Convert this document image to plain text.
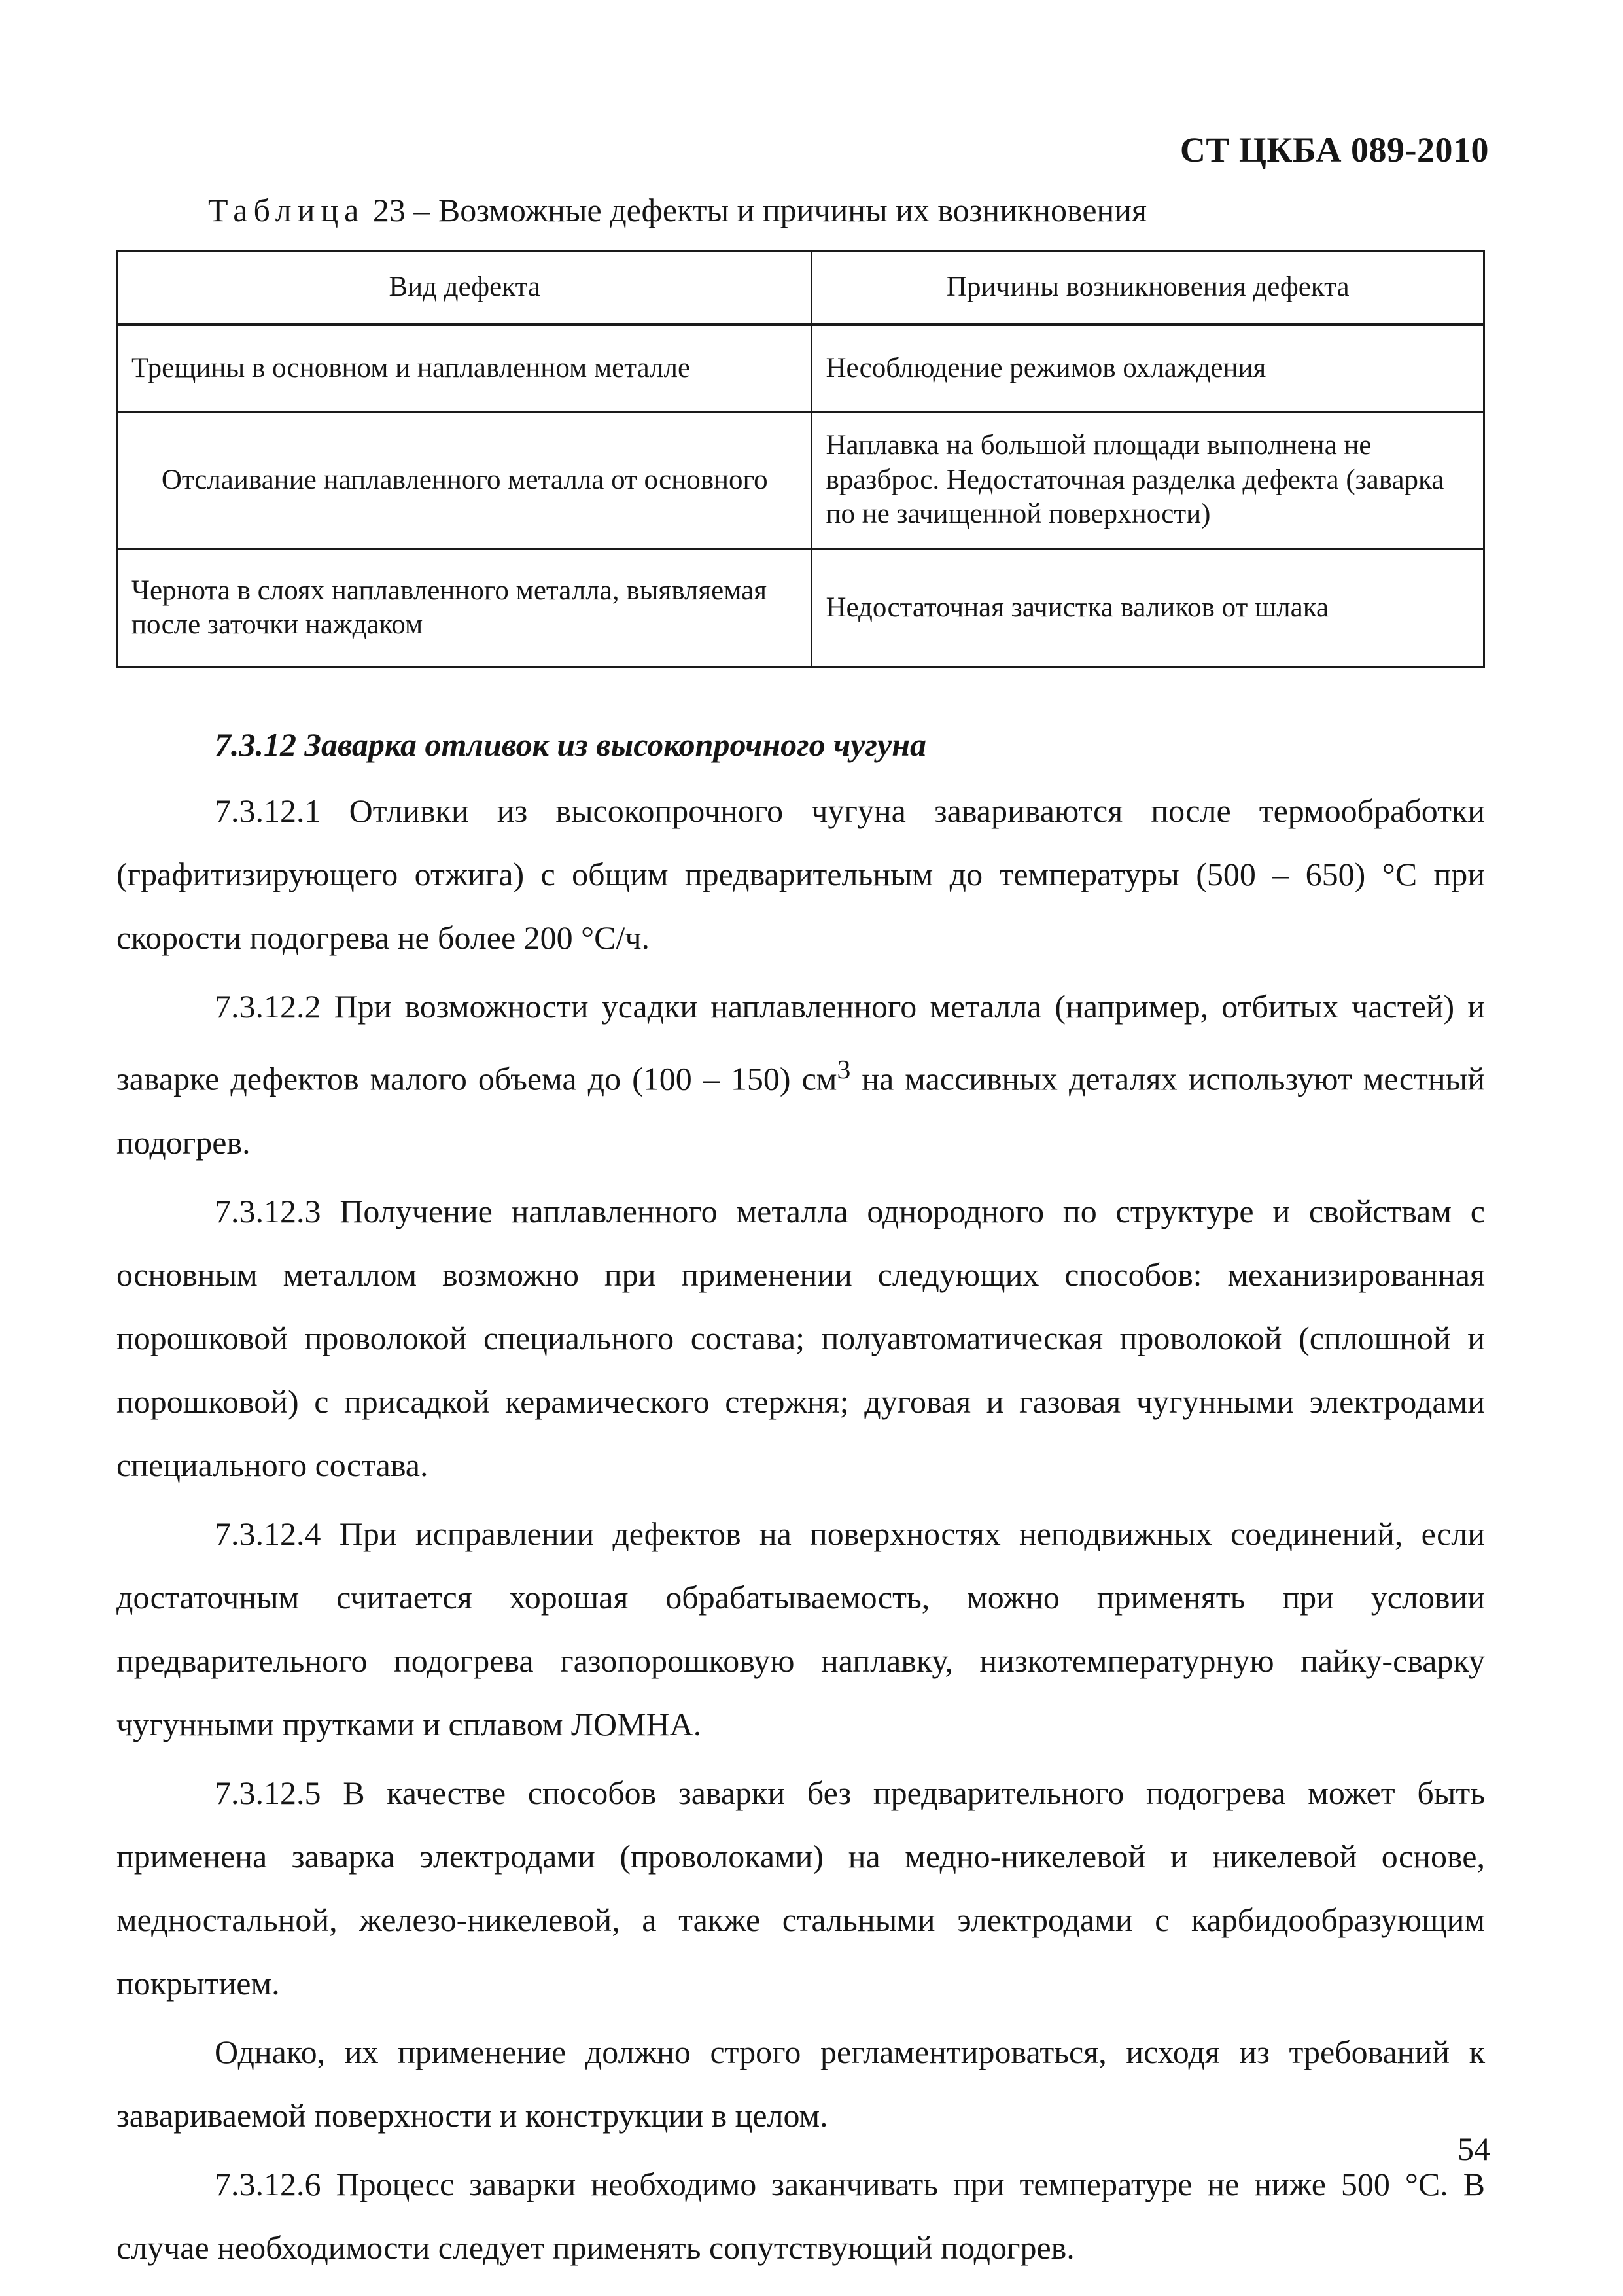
СТ ЦКБА 089-2010
Таблица 23 – Возможные дефекты и причины их возникновения
Вид дефекта	Причины возникновения дефекта
Трещины в основном и наплавленном металле	Несоблюдение режимов охлаждения
Отслаивание наплавленного металла от основного	Наплавка на большой площади выполнена не вразброс. Недостаточная разделка дефекта (заварка по не зачищенной поверхности)
Чернота в слоях наплавленного металла, выявляемая после заточки наждаком	Недостаточная зачистка валиков от шлака

7.3.12 Заварка отливок из высокопрочного чугуна

7.3.12.1 Отливки из высокопрочного чугуна завариваются после термообработки (графитизирующего отжига) с общим предварительным до температуры (500 – 650) °С при скорости подогрева не более 200 °С/ч.

7.3.12.2 При возможности усадки наплавленного металла (например, отбитых частей) и заварке дефектов малого объема до (100 – 150) $см^3$ на массивных деталях используют местный подогрев.

7.3.12.3 Получение наплавленного металла однородного по структуре и свойствам с основным металлом возможно при применении следующих способов: механизированная порошковой проволокой специального состава; полуавтоматическая проволокой (сплошной и порошковой) с присадкой керамического стержня; дуговая и газовая чугунными электродами специального состава.

7.3.12.4 При исправлении дефектов на поверхностях неподвижных соединений, если достаточным считается хорошая обрабатываемость, можно применять при условии предварительного подогрева газопорошковую наплавку, низкотемпературную пайку-сварку чугунными прутками и сплавом ЛОМНА.

7.3.12.5 В качестве способов заварки без предварительного подогрева может быть применена заварка электродами (проволоками) на медно-никелевой и никелевой основе, медностальной, железо-никелевой, а также стальными электродами с карбидообразующим покрытием.

Однако, их применение должно строго регламентироваться, исходя из требований к завариваемой поверхности и конструкции в целом.

7.3.12.6 Процесс заварки необходимо заканчивать при температуре не ниже 500 °С. В случае необходимости следует применять сопутствующий подогрев.

54
